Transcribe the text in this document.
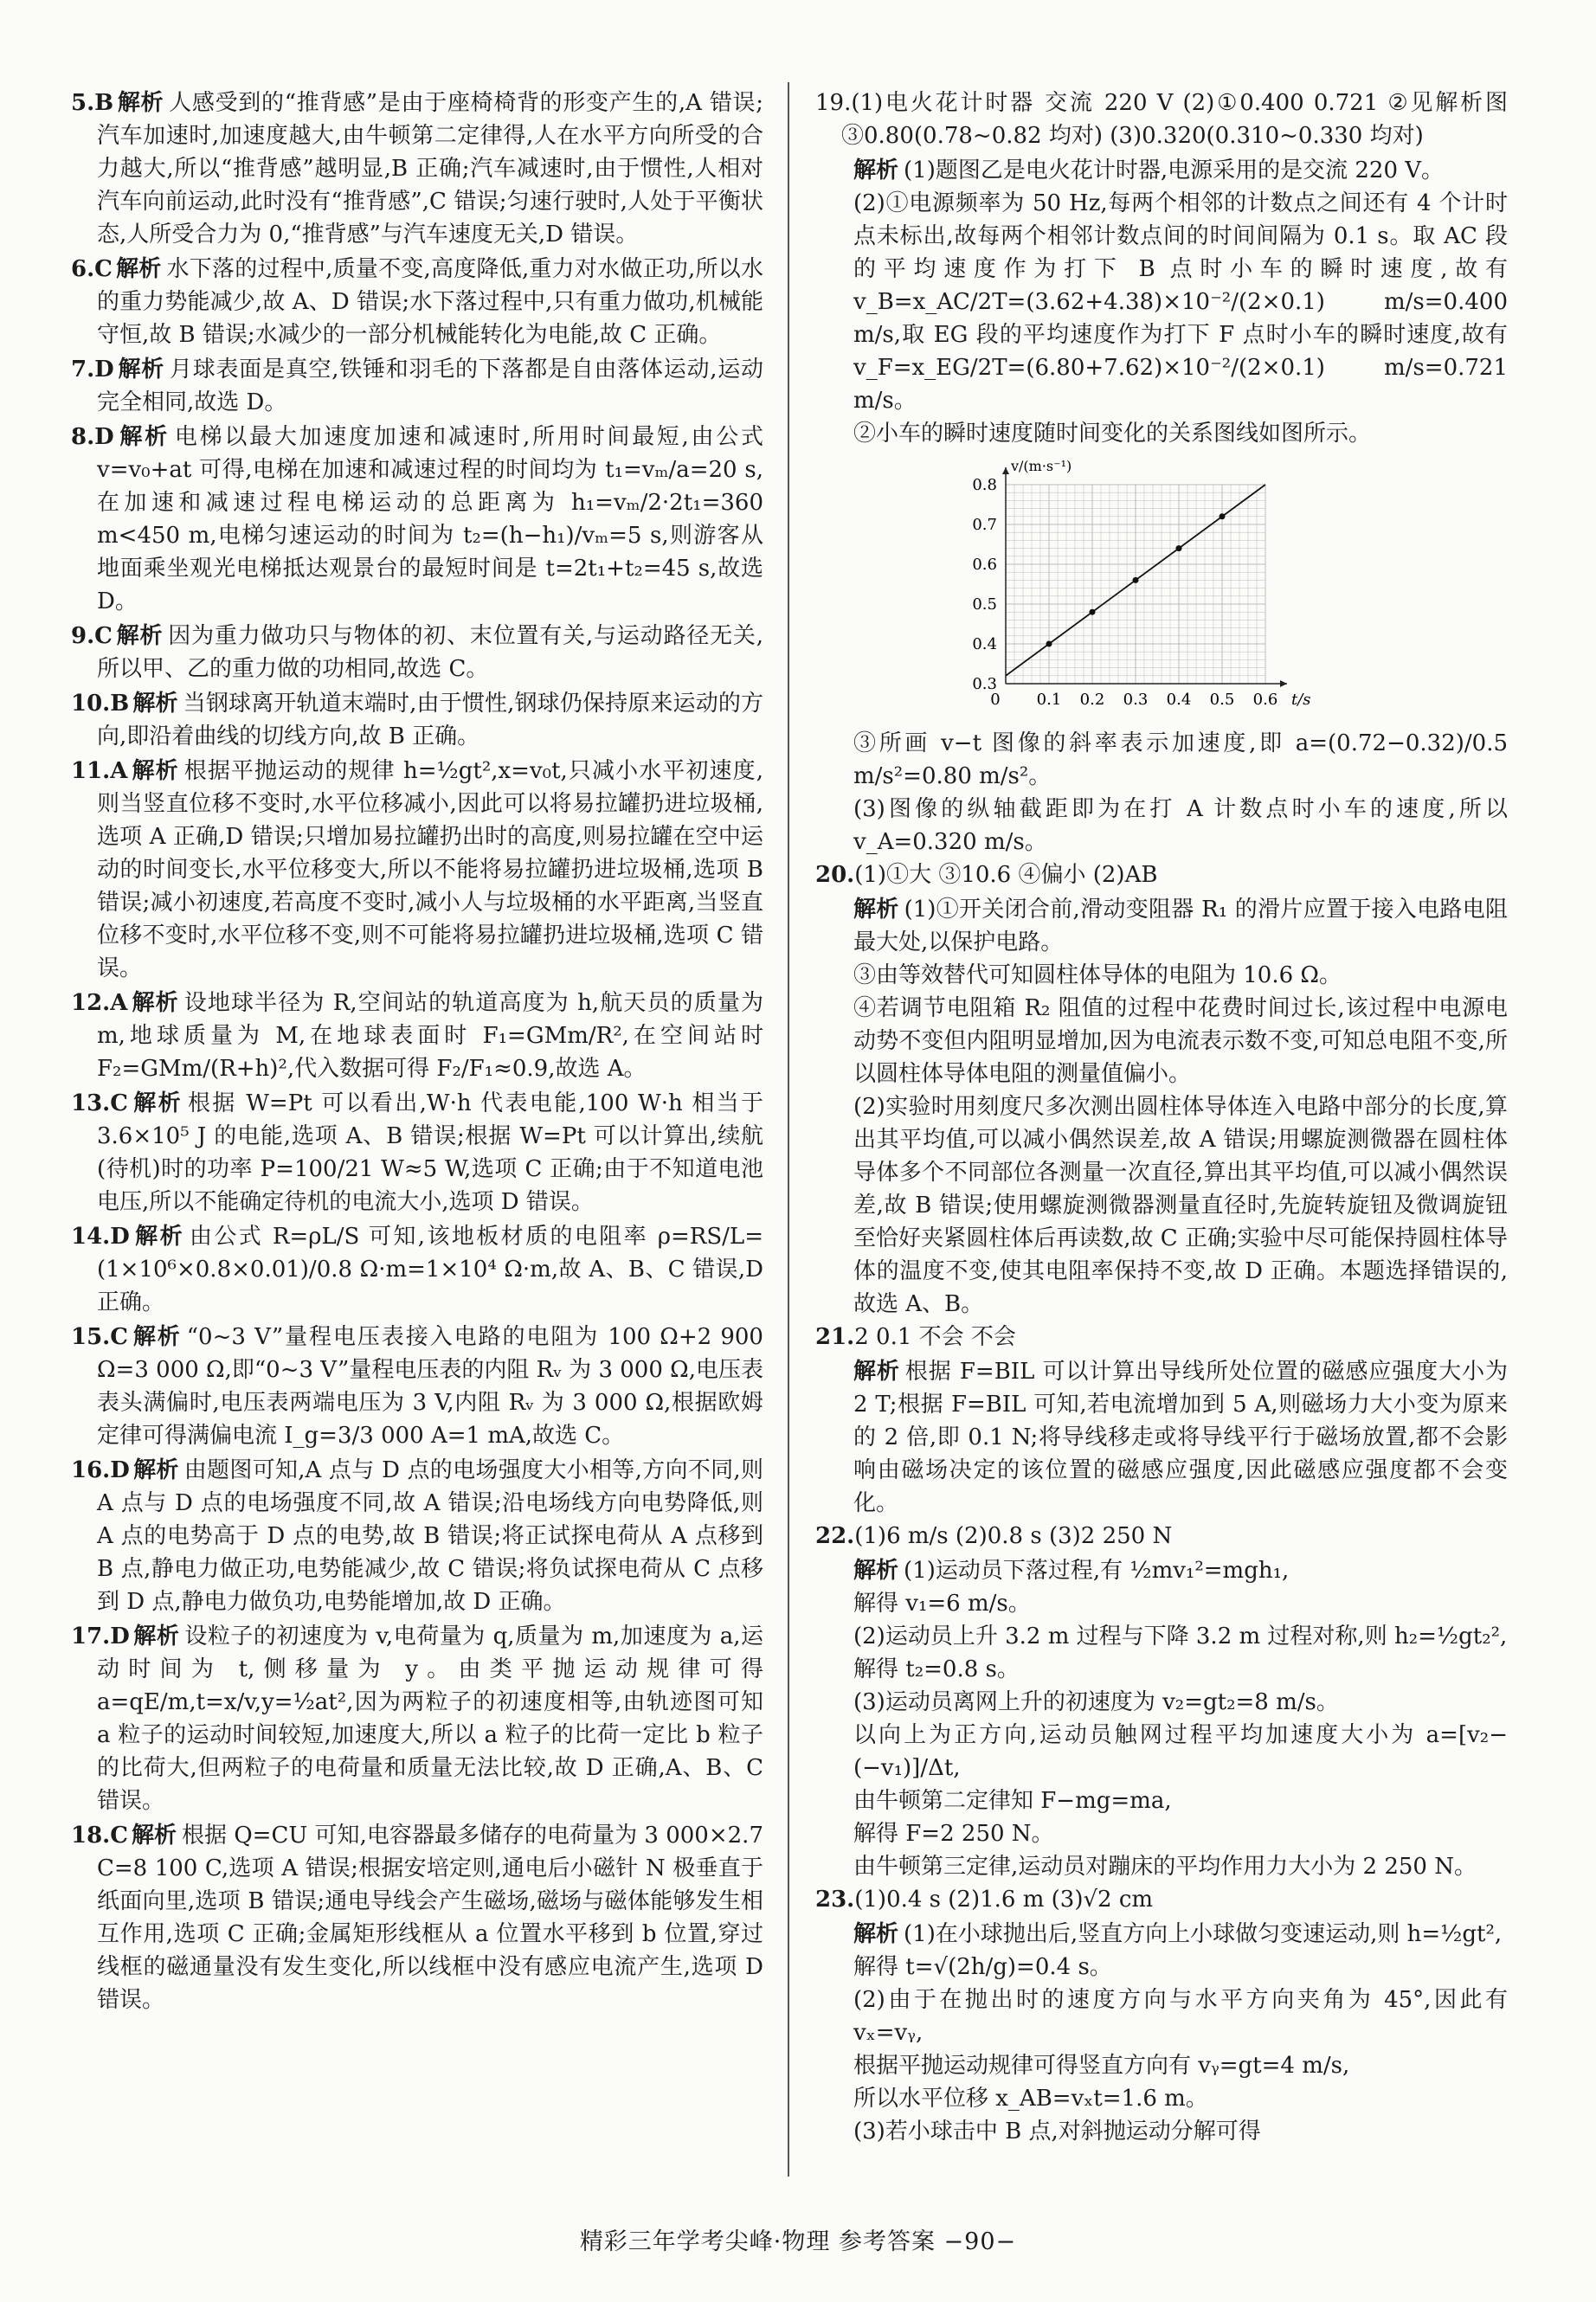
5.B 解析 人感受到的“推背感”是由于座椅椅背的形变产生的,A 错误;汽车加速时,加速度越大,由牛顿第二定律得,人在水平方向所受的合力越大,所以“推背感”越明显,B 正确;汽车减速时,由于惯性,人相对汽车向前运动,此时没有“推背感”,C 错误;匀速行驶时,人处于平衡状态,人所受合力为 0,“推背感”与汽车速度无关,D 错误。
6.C 解析 水下落的过程中,质量不变,高度降低,重力对水做正功,所以水的重力势能减少,故 A、D 错误;水下落过程中,只有重力做功,机械能守恒,故 B 错误;水减少的一部分机械能转化为电能,故 C 正确。
7.D 解析 月球表面是真空,铁锤和羽毛的下落都是自由落体运动,运动完全相同,故选 D。
8.D 解析 电梯以最大加速度加速和减速时,所用时间最短,由公式 v=v₀+at 可得,电梯在加速和减速过程的时间均为 t₁=vₘ/a=20 s,在加速和减速过程电梯运动的总距离为 h₁=vₘ/2·2t₁=360 m<450 m,电梯匀速运动的时间为 t₂=(h−h₁)/vₘ=5 s,则游客从地面乘坐观光电梯抵达观景台的最短时间是 t=2t₁+t₂=45 s,故选 D。
9.C 解析 因为重力做功只与物体的初、末位置有关,与运动路径无关,所以甲、乙的重力做的功相同,故选 C。
10.B 解析 当钢球离开轨道末端时,由于惯性,钢球仍保持原来运动的方向,即沿着曲线的切线方向,故 B 正确。
11.A 解析 根据平抛运动的规律 h=½gt²,x=v₀t,只减小水平初速度,则当竖直位移不变时,水平位移减小,因此可以将易拉罐扔进垃圾桶,选项 A 正确,D 错误;只增加易拉罐扔出时的高度,则易拉罐在空中运动的时间变长,水平位移变大,所以不能将易拉罐扔进垃圾桶,选项 B 错误;减小初速度,若高度不变时,减小人与垃圾桶的水平距离,当竖直位移不变时,水平位移不变,则不可能将易拉罐扔进垃圾桶,选项 C 错误。
12.A 解析 设地球半径为 R,空间站的轨道高度为 h,航天员的质量为 m,地球质量为 M,在地球表面时 F₁=GMm/R²,在空间站时 F₂=GMm/(R+h)²,代入数据可得 F₂/F₁≈0.9,故选 A。
13.C 解析 根据 W=Pt 可以看出,W·h 代表电能,100 W·h 相当于 3.6×10⁵ J 的电能,选项 A、B 错误;根据 W=Pt 可以计算出,续航(待机)时的功率 P=100/21 W≈5 W,选项 C 正确;由于不知道电池电压,所以不能确定待机的电流大小,选项 D 错误。
14.D 解析 由公式 R=ρL/S 可知,该地板材质的电阻率 ρ=RS/L=(1×10⁶×0.8×0.01)/0.8 Ω·m=1×10⁴ Ω·m,故 A、B、C 错误,D 正确。
15.C 解析 “0~3 V”量程电压表接入电路的电阻为 100 Ω+2 900 Ω=3 000 Ω,即“0~3 V”量程电压表的内阻 Rᵥ 为 3 000 Ω,电压表表头满偏时,电压表两端电压为 3 V,内阻 Rᵥ 为 3 000 Ω,根据欧姆定律可得满偏电流 I_g=3/3 000 A=1 mA,故选 C。
16.D 解析 由题图可知,A 点与 D 点的电场强度大小相等,方向不同,则 A 点与 D 点的电场强度不同,故 A 错误;沿电场线方向电势降低,则 A 点的电势高于 D 点的电势,故 B 错误;将正试探电荷从 A 点移到 B 点,静电力做正功,电势能减少,故 C 错误;将负试探电荷从 C 点移到 D 点,静电力做负功,电势能增加,故 D 正确。
17.D 解析 设粒子的初速度为 v,电荷量为 q,质量为 m,加速度为 a,运动时间为 t,侧移量为 y。由类平抛运动规律可得 a=qE/m,t=x/v,y=½at²,因为两粒子的初速度相等,由轨迹图可知 a 粒子的运动时间较短,加速度大,所以 a 粒子的比荷一定比 b 粒子的比荷大,但两粒子的电荷量和质量无法比较,故 D 正确,A、B、C 错误。
18.C 解析 根据 Q=CU 可知,电容器最多储存的电荷量为 3 000×2.7 C=8 100 C,选项 A 错误;根据安培定则,通电后小磁针 N 极垂直于纸面向里,选项 B 错误;通电导线会产生磁场,磁场与磁体能够发生相互作用,选项 C 正确;金属矩形线框从 a 位置水平移到 b 位置,穿过线框的磁通量没有发生变化,所以线框中没有感应电流产生,选项 D 错误。
19.(1)电火花计时器 交流 220 V (2)①0.400 0.721 ②见解析图 ③0.80(0.78~0.82 均对) (3)0.320(0.310~0.330 均对)

解析 (1)题图乙是电火花计时器,电源采用的是交流 220 V。

(2)①电源频率为 50 Hz,每两个相邻的计数点之间还有 4 个计时点未标出,故每两个相邻计数点间的时间间隔为 0.1 s。取 AC 段的平均速度作为打下 B 点时小车的瞬时速度,故有 v_B=x_AC/2T=(3.62+4.38)×10⁻²/(2×0.1) m/s=0.400 m/s,取 EG 段的平均速度作为打下 F 点时小车的瞬时速度,故有 v_F=x_EG/2T=(6.80+7.62)×10⁻²/(2×0.1) m/s=0.721 m/s。

②小车的瞬时速度随时间变化的关系图线如图所示。

0 0.1 0.2 0.3 0.4 0.5 0.6
0.3
0.4
0.5
0.6
0.7
0.8
t/s
v/(m·s⁻¹)

③所画 v−t 图像的斜率表示加速度,即 a=(0.72−0.32)/0.5 m/s²=0.80 m/s²。

(3)图像的纵轴截距即为在打 A 计数点时小车的速度,所以 v_A=0.320 m/s。

20.(1)①大 ③10.6 ④偏小 (2)AB

解析 (1)①开关闭合前,滑动变阻器 R₁ 的滑片应置于接入电路电阻最大处,以保护电路。

③由等效替代可知圆柱体导体的电阻为 10.6 Ω。

④若调节电阻箱 R₂ 阻值的过程中花费时间过长,该过程中电源电动势不变但内阻明显增加,因为电流表示数不变,可知总电阻不变,所以圆柱体导体电阻的测量值偏小。

(2)实验时用刻度尺多次测出圆柱体导体连入电路中部分的长度,算出其平均值,可以减小偶然误差,故 A 错误;用螺旋测微器在圆柱体导体多个不同部位各测量一次直径,算出其平均值,可以减小偶然误差,故 B 错误;使用螺旋测微器测量直径时,先旋转旋钮及微调旋钮至恰好夹紧圆柱体后再读数,故 C 正确;实验中尽可能保持圆柱体导体的温度不变,使其电阻率保持不变,故 D 正确。本题选择错误的,故选 A、B。

21.2 0.1 不会 不会

解析 根据 F=BIL 可以计算出导线所处位置的磁感应强度大小为 2 T;根据 F=BIL 可知,若电流增加到 5 A,则磁场力大小变为原来的 2 倍,即 0.1 N;将导线移走或将导线平行于磁场放置,都不会影响由磁场决定的该位置的磁感应强度,因此磁感应强度都不会变化。

22.(1)6 m/s (2)0.8 s (3)2 250 N

解析 (1)运动员下落过程,有 ½mv₁²=mgh₁,

解得 v₁=6 m/s。

(2)运动员上升 3.2 m 过程与下降 3.2 m 过程对称,则 h₂=½gt₂²,

解得 t₂=0.8 s。

(3)运动员离网上升的初速度为 v₂=gt₂=8 m/s。

以向上为正方向,运动员触网过程平均加速度大小为 a=[v₂−(−v₁)]/Δt,

由牛顿第二定律知 F−mg=ma,

解得 F=2 250 N。

由牛顿第三定律,运动员对蹦床的平均作用力大小为 2 250 N。

23.(1)0.4 s (2)1.6 m (3)√2 cm

解析 (1)在小球抛出后,竖直方向上小球做匀变速运动,则 h=½gt²,

解得 t=√(2h/g)=0.4 s。

(2)由于在抛出时的速度方向与水平方向夹角为 45°,因此有 vₓ=vᵧ,

根据平抛运动规律可得竖直方向有 vᵧ=gt=4 m/s,

所以水平位移 x_AB=vₓt=1.6 m。

(3)若小球击中 B 点,对斜抛运动分解可得

精彩三年学考尖峰·物理 参考答案 −90−
